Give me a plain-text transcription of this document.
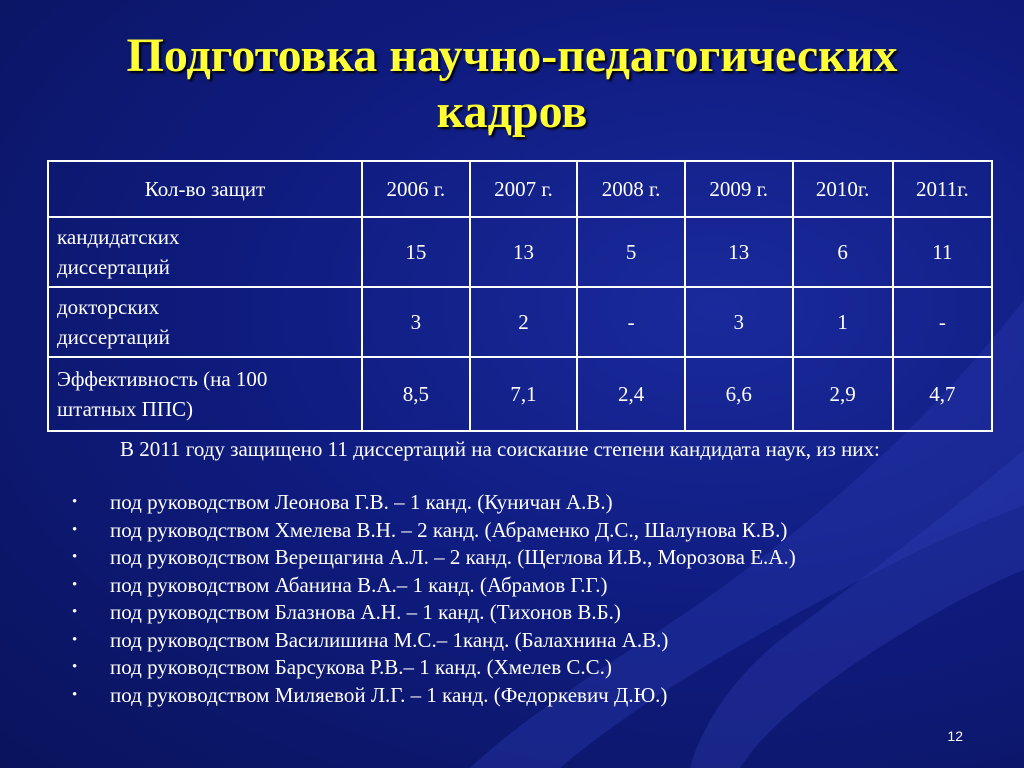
Подготовка научно-педагогических
кадров
Кол-во защит	2006 г.	2007 г.	2008 г.	2009 г.	2010г.	2011г.

кандидатских
диссертаций	15	13	5	13	6	11

докторских
диссертаций	3	2	-	3	1	-

Эффективность (на 100
штатных ППС)	8,5	7,1	2,4	6,6	2,9	4,7
В 2011 году защищено 11 диссертаций на соискание степени кандидата наук, из них:
• под руководством Леонова Г.В. – 1 канд. (Куничан А.В.)
• под руководством Хмелева В.Н. – 2 канд. (Абраменко Д.С., Шалунова К.В.)
• под руководством Верещагина А.Л. – 2 канд. (Щеглова И.В., Морозова Е.А.)
• под руководством Абанина В.А.– 1 канд. (Абрамов Г.Г.)
• под руководством Блазнова А.Н. – 1 канд. (Тихонов В.Б.)
• под руководством Василишина М.С.– 1канд. (Балахнина А.В.)
• под руководством Барсукова Р.В.– 1 канд. (Хмелев С.С.)
• под руководством Миляевой Л.Г. – 1 канд. (Федоркевич Д.Ю.)
12
